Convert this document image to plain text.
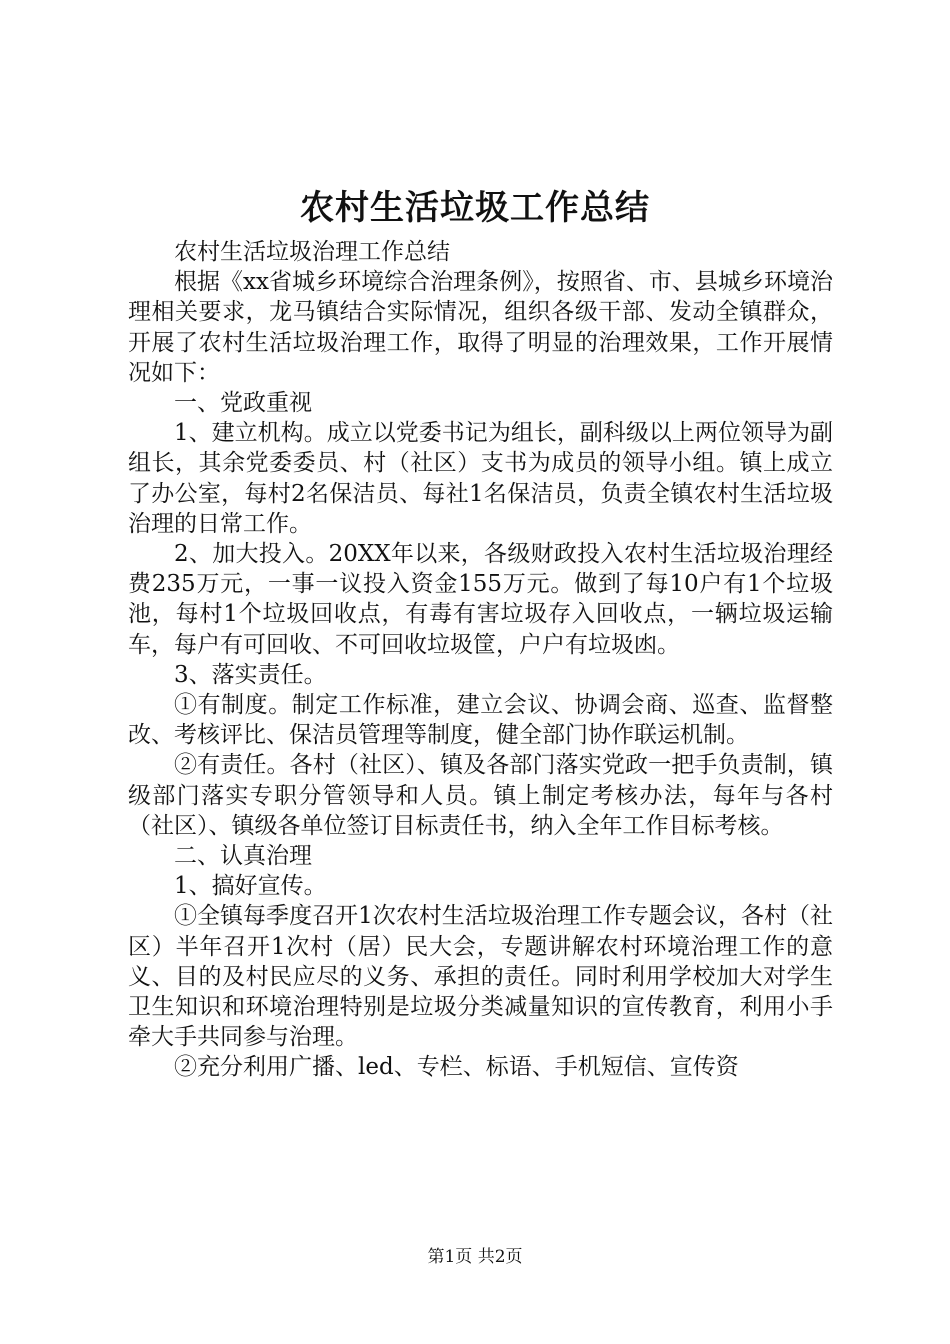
农村生活垃圾工作总结

农村生活垃圾治理工作总结

根据《xx省城乡环境综合治理条例》，按照省、市、县城乡环境治理相关要求，龙马镇结合实际情况，组织各级干部、发动全镇群众，开展了农村生活垃圾治理工作，取得了明显的治理效果，工作开展情况如下：

一、党政重视

1、建立机构。成立以党委书记为组长，副科级以上两位领导为副组长，其余党委委员、村（社区）支书为成员的领导小组。镇上成立了办公室，每村2名保洁员、每社1名保洁员，负责全镇农村生活垃圾治理的日常工作。

2、加大投入。20XX年以来，各级财政投入农村生活垃圾治理经费235万元，一事一议投入资金155万元。做到了每10户有1个垃圾池，每村1个垃圾回收点，有毒有害垃圾存入回收点，一辆垃圾运输车，每户有可回收、不可回收垃圾筐，户户有垃圾凼。

3、落实责任。

①有制度。制定工作标准，建立会议、协调会商、巡查、监督整改、考核评比、保洁员管理等制度，健全部门协作联运机制。

②有责任。各村（社区）、镇及各部门落实党政一把手负责制，镇级部门落实专职分管领导和人员。镇上制定考核办法，每年与各村（社区）、镇级各单位签订目标责任书，纳入全年工作目标考核。

二、认真治理

1、搞好宣传。

①全镇每季度召开1次农村生活垃圾治理工作专题会议，各村（社区）半年召开1次村（居）民大会，专题讲解农村环境治理工作的意义、目的及村民应尽的义务、承担的责任。同时利用学校加大对学生卫生知识和环境治理特别是垃圾分类减量知识的宣传教育，利用小手牵大手共同参与治理。

②充分利用广播、led、专栏、标语、手机短信、宣传资

第1页 共2页
